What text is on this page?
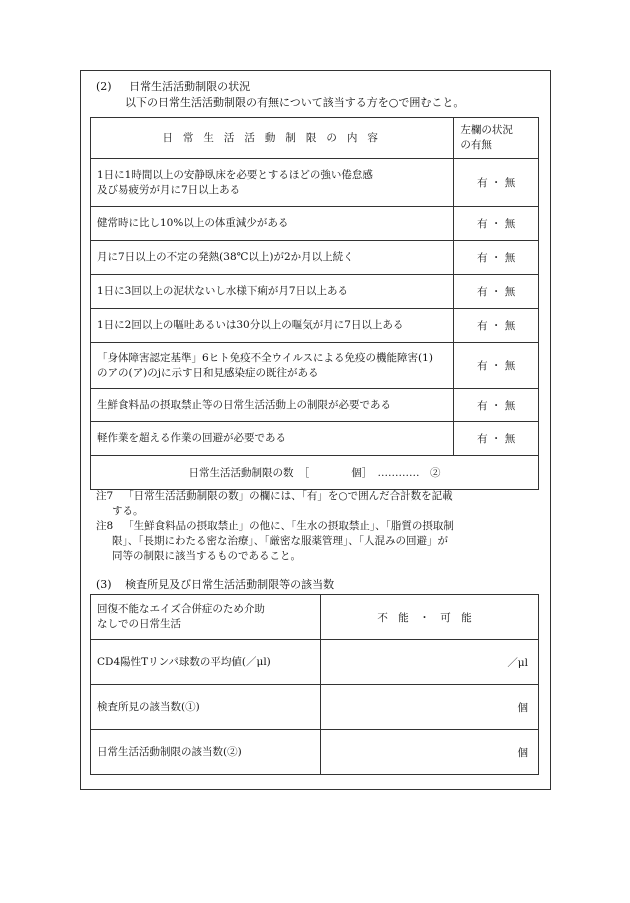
(2) 日常生活活動制限の状況
以下の日常生活活動制限の有無について該当する方を○で囲むこと。
日常生活活動制限の内容	左欄の状況
の有無

1日に1時間以上の安静臥床を必要とするほどの強い倦怠感
及び易疲労が月に7日以上ある	有 ・ 無
健常時に比し10%以上の体重減少がある	有 ・ 無
月に7日以上の不定の発熱(38℃以上)が2か月以上続く	有 ・ 無
1日に3回以上の泥状ないし水様下痢が月7日以上ある	有 ・ 無
1日に2回以上の嘔吐あるいは30分以上の嘔気が月に7日以上ある	有 ・ 無

「身体障害認定基準」6ヒト免疫不全ウイルスによる免疫の機能障害(1)
のアの(ア)のjに示す日和見感染症の既往がある	有 ・ 無
生鮮食料品の摂取禁止等の日常生活活動上の制限が必要である	有 ・ 無
軽作業を超える作業の回避が必要である	有 ・ 無
日常生活活動制限の数　［　　　　個］　…………　②	
注7 「日常生活活動制限の数」の欄には、「有」を○で囲んだ合計数を記載
する。
注8 「生鮮食料品の摂取禁止」の他に、「生水の摂取禁止」、「脂質の摂取制
限」、「長期にわたる密な治療」、「厳密な服薬管理」、「人混みの回避」が
同等の制限に該当するものであること。
(3) 検査所見及び日常生活活動制限等の該当数
回復不能なエイズ合併症のため介助
なしでの日常生活	不　能　・　可　能
CD4陽性Tリンパ球数の平均値(／μl)	／μl
検査所見の該当数(①)	個
日常生活活動制限の該当数(②)	個
